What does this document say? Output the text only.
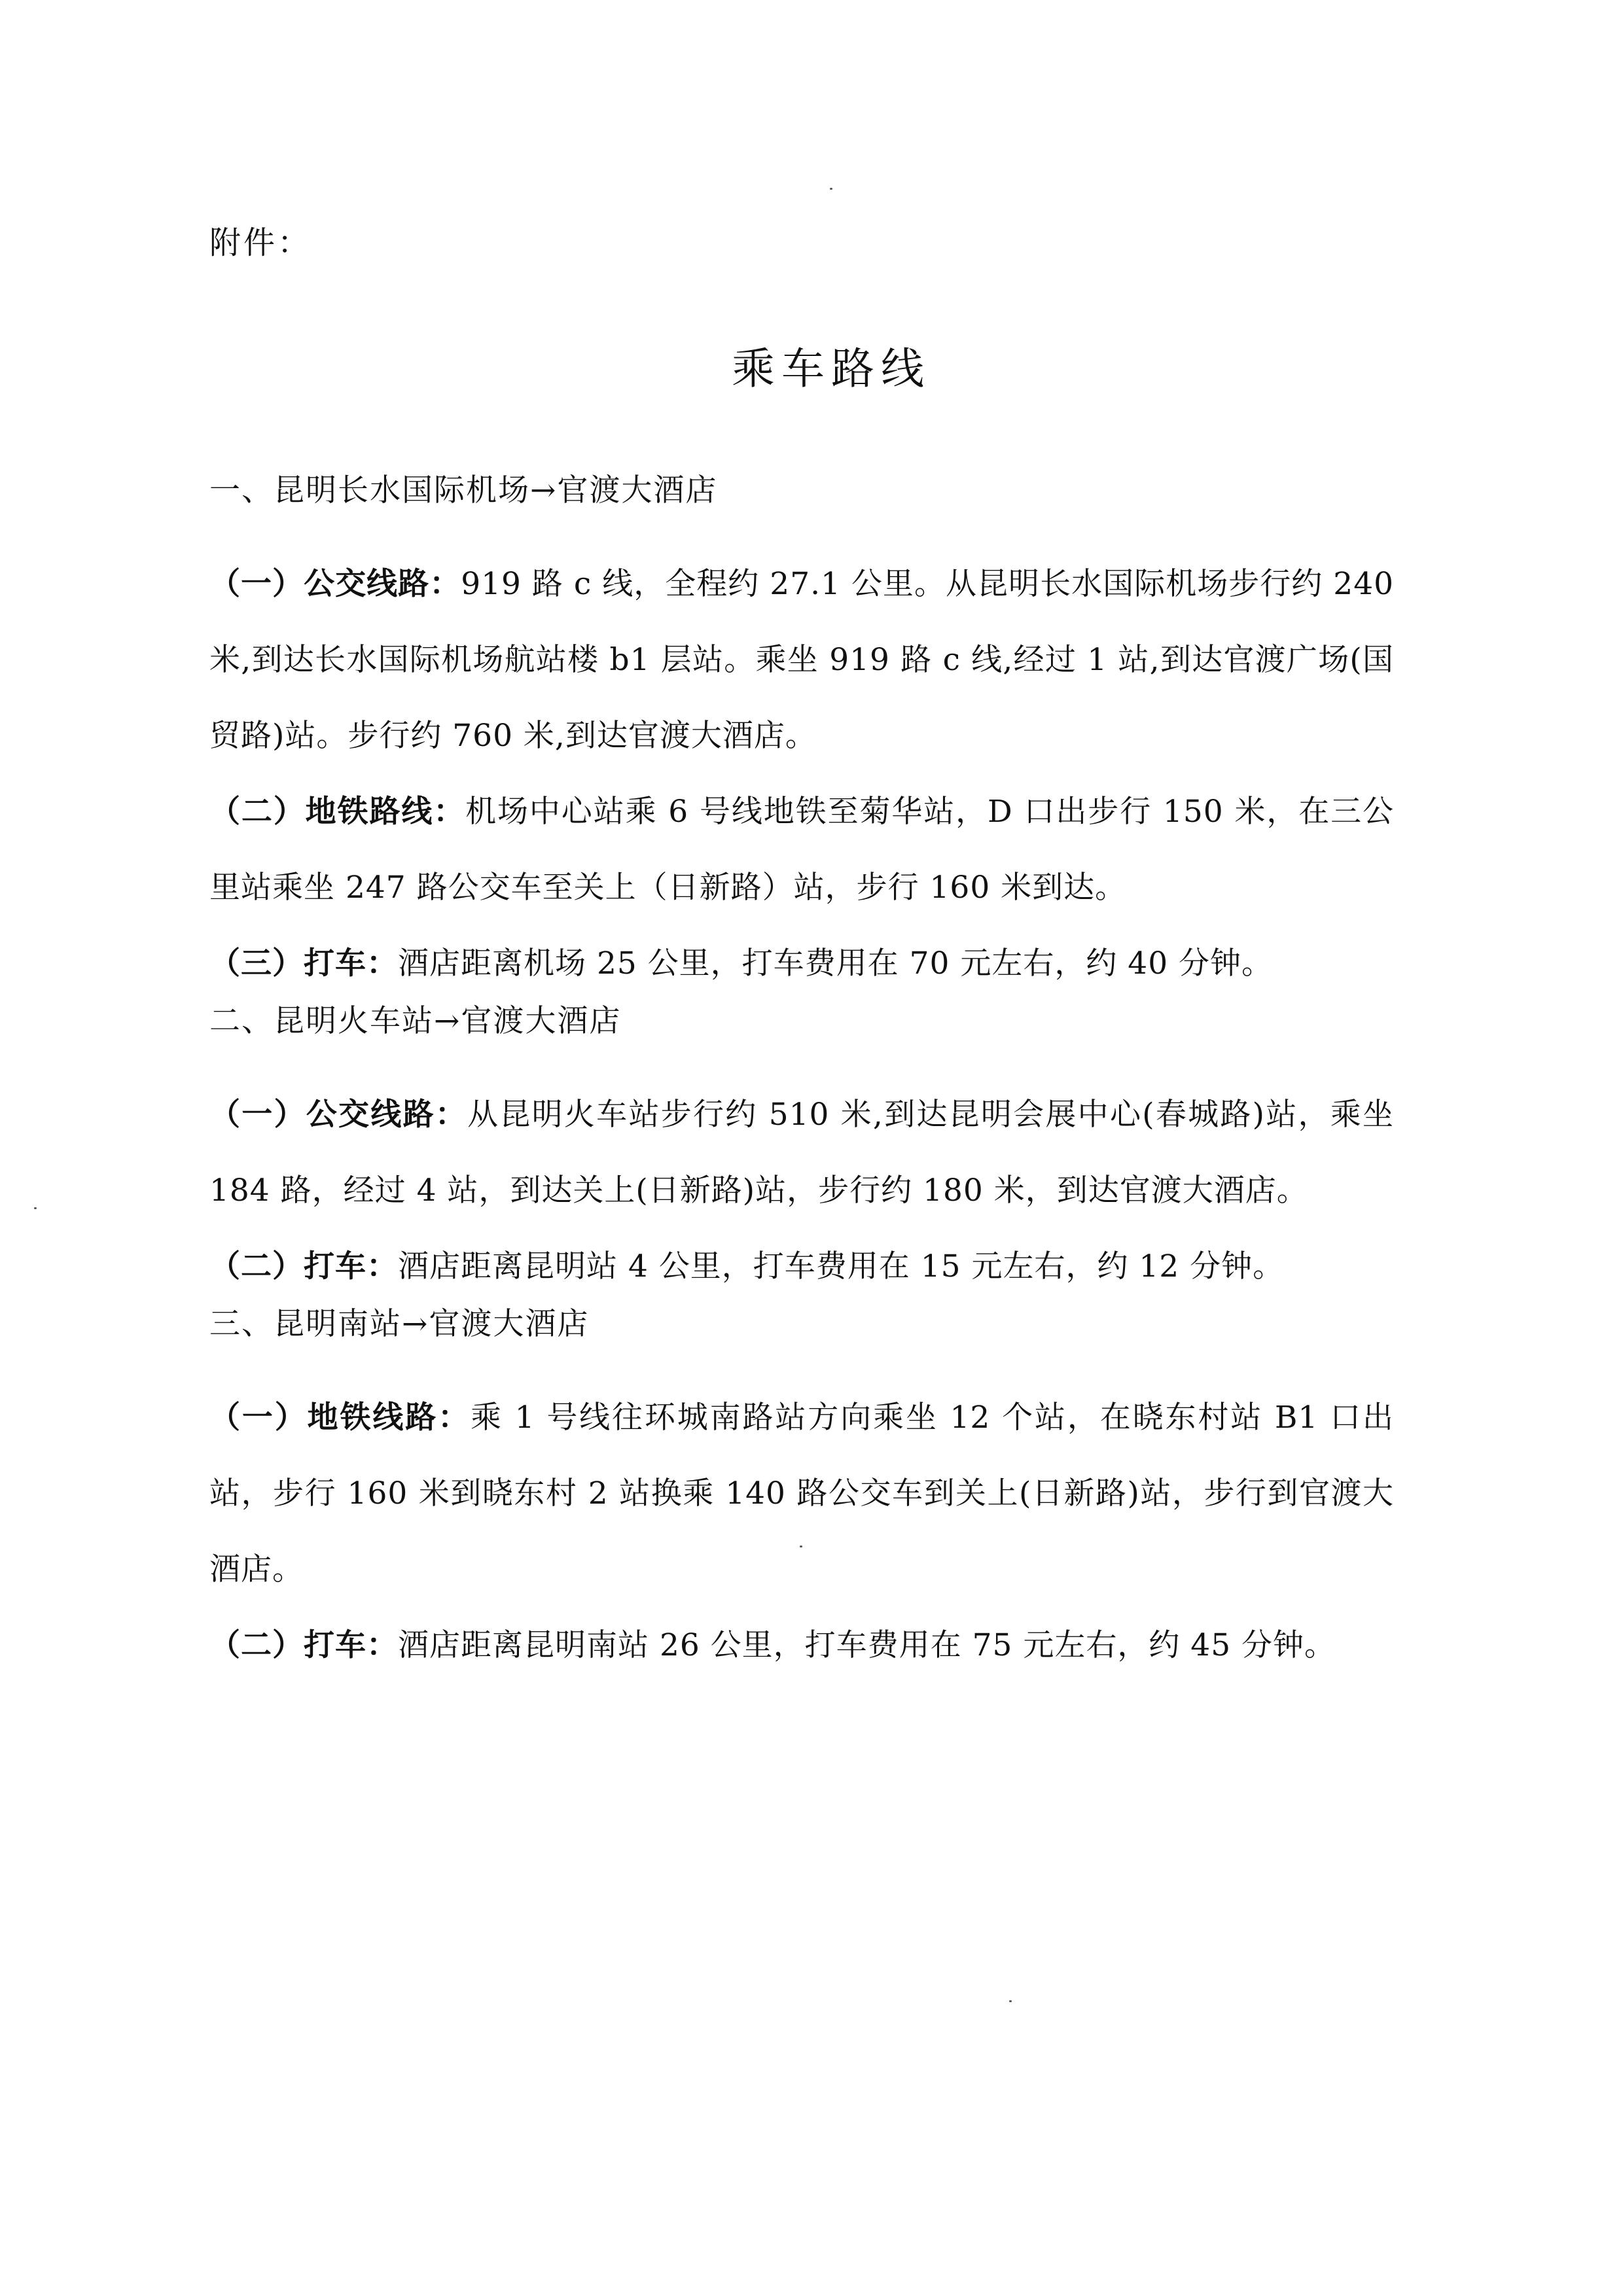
附件：
乘车路线
一、昆明长水国际机场→官渡大酒店

（一）公交线路：919 路 c 线，全程约 27.1 公里。从昆明长水国际机场步行约 240 米,到达长水国际机场航站楼 b1 层站。乘坐 919 路 c 线,经过 1 站,到达官渡广场(国贸路)站。步行约 760 米,到达官渡大酒店。

（二）地铁路线：机场中心站乘 6 号线地铁至菊华站，D 口出步行 150 米，在三公里站乘坐 247 路公交车至关上（日新路）站，步行 160 米到达。

（三）打车：酒店距离机场 25 公里，打车费用在 70 元左右，约 40 分钟。

二、昆明火车站→官渡大酒店

（一）公交线路：从昆明火车站步行约 510 米,到达昆明会展中心(春城路)站，乘坐 184 路，经过 4 站，到达关上(日新路)站，步行约 180 米，到达官渡大酒店。

（二）打车：酒店距离昆明站 4 公里，打车费用在 15 元左右，约 12 分钟。

三、昆明南站→官渡大酒店

（一）地铁线路：乘 1 号线往环城南路站方向乘坐 12 个站，在晓东村站 B1 口出站，步行 160 米到晓东村 2 站换乘 140 路公交车到关上(日新路)站，步行到官渡大酒店。

（二）打车：酒店距离昆明南站 26 公里，打车费用在 75 元左右，约 45 分钟。
